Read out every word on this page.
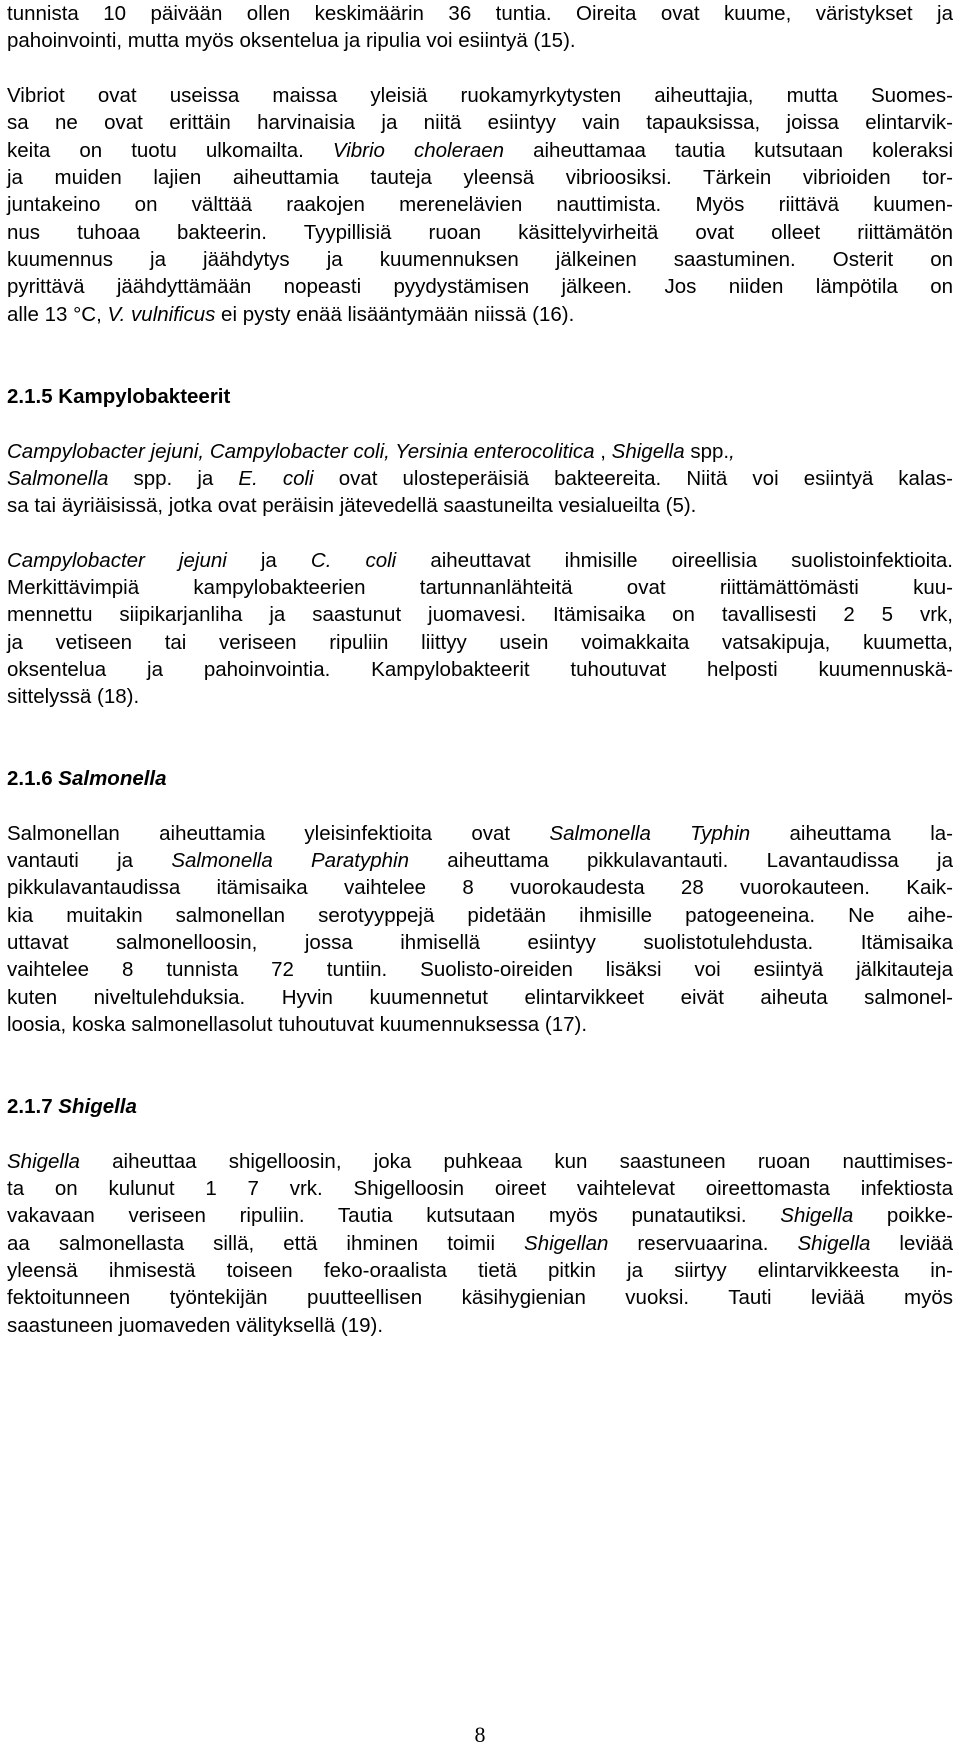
tunnista 10 päivään ollen keskimäärin 36 tuntia. Oireita ovat kuume, väristykset ja
pahoinvointi, mutta myös oksentelua ja ripulia voi esiintyä (15).
Vibriot ovat useissa maissa yleisiä ruokamyrkytysten aiheuttajia, mutta Suomes-
sa ne ovat erittäin harvinaisia ja niitä esiintyy vain tapauksissa, joissa elintarvik-
keita on tuotu ulkomailta. Vibrio choleraen aiheuttamaa tautia kutsutaan koleraksi
ja muiden lajien aiheuttamia tauteja yleensä vibrioosiksi. Tärkein vibrioiden tor-
juntakeino on välttää raakojen merenelävien nauttimista. Myös riittävä kuumen-
nus tuhoaa bakteerin. Tyypillisiä ruoan käsittelyvirheitä ovat olleet riittämätön
kuumennus ja jäähdytys ja kuumennuksen jälkeinen saastuminen. Osterit on
pyrittävä jäähdyttämään nopeasti pyydystämisen jälkeen. Jos niiden lämpötila on
alle 13 °C, V. vulnificus ei pysty enää lisääntymään niissä (16).
2.1.5 Kampylobakteerit
Campylobacter jejuni, Campylobacter coli, Yersinia enterocolitica , Shigella spp.,
Salmonella spp. ja E. coli ovat ulosteperäisiä bakteereita. Niitä voi esiintyä kalas-
sa tai äyriäisissä, jotka ovat peräisin jätevedellä saastuneilta vesialueilta (5).
Campylobacter jejuni ja C. coli aiheuttavat ihmisille oireellisia suolistoinfektioita.
Merkittävimpiä kampylobakteerien tartunnanlähteitä ovat riittämättömästi kuu-
mennettu siipikarjanliha ja saastunut juomavesi. Itämisaika on tavallisesti 2 5 vrk,
ja vetiseen tai veriseen ripuliin liittyy usein voimakkaita vatsakipuja, kuumetta,
oksentelua ja pahoinvointia. Kampylobakteerit tuhoutuvat helposti kuumennuskä-
sittelyssä (18).
2.1.6 Salmonella
Salmonellan aiheuttamia yleisinfektioita ovat Salmonella Typhin aiheuttama la-
vantauti ja Salmonella Paratyphin aiheuttama pikkulavantauti. Lavantaudissa ja
pikkulavantaudissa itämisaika vaihtelee 8 vuorokaudesta 28 vuorokauteen. Kaik-
kia muitakin salmonellan serotyyppejä pidetään ihmisille patogeeneina. Ne aihe-
uttavat salmonelloosin, jossa ihmisellä esiintyy suolistotulehdusta. Itämisaika
vaihtelee 8 tunnista 72 tuntiin. Suolisto-oireiden lisäksi voi esiintyä jälkitauteja
kuten niveltulehduksia. Hyvin kuumennetut elintarvikkeet eivät aiheuta salmonel-
loosia, koska salmonellasolut tuhoutuvat kuumennuksessa (17).
2.1.7 Shigella
Shigella aiheuttaa shigelloosin, joka puhkeaa kun saastuneen ruoan nauttimises-
ta on kulunut 1 7 vrk. Shigelloosin oireet vaihtelevat oireettomasta infektiosta
vakavaan veriseen ripuliin. Tautia kutsutaan myös punatautiksi. Shigella poikke-
aa salmonellasta sillä, että ihminen toimii Shigellan reservuaarina. Shigella leviää
yleensä ihmisestä toiseen feko-oraalista tietä pitkin ja siirtyy elintarvikkeesta in-
fektoitunneen työntekijän puutteellisen käsihygienian vuoksi. Tauti leviää myös
saastuneen juomaveden välityksellä (19).
8
